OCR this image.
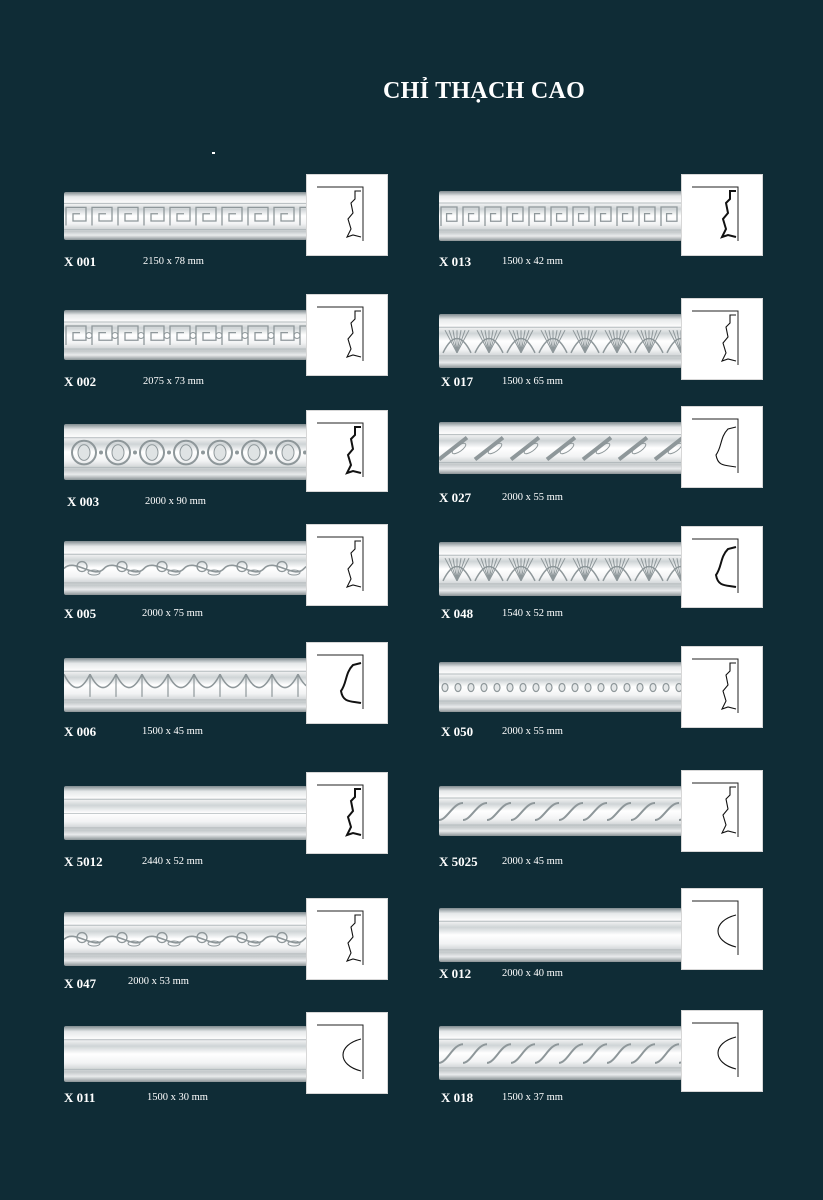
CHỈ THẠCH CAO
X 001	2150 x 78 mm
X 002	2075 x 73 mm
X 003	2000 x 90 mm
X 005	2000 x 75 mm
X 006	1500 x 45 mm
X 5012	2440 x 52 mm
X 047	2000 x 53 mm
X 011	1500 x 30 mm
X 013	1500 x 42 mm
X 017	1500 x 65 mm
X 027	2000 x 55 mm
X 048	1540 x 52 mm
X 050	2000 x 55 mm
X 5025 2000 x 45 mm
X 012	2000 x 40 mm
X 018	1500 x 37 mm
